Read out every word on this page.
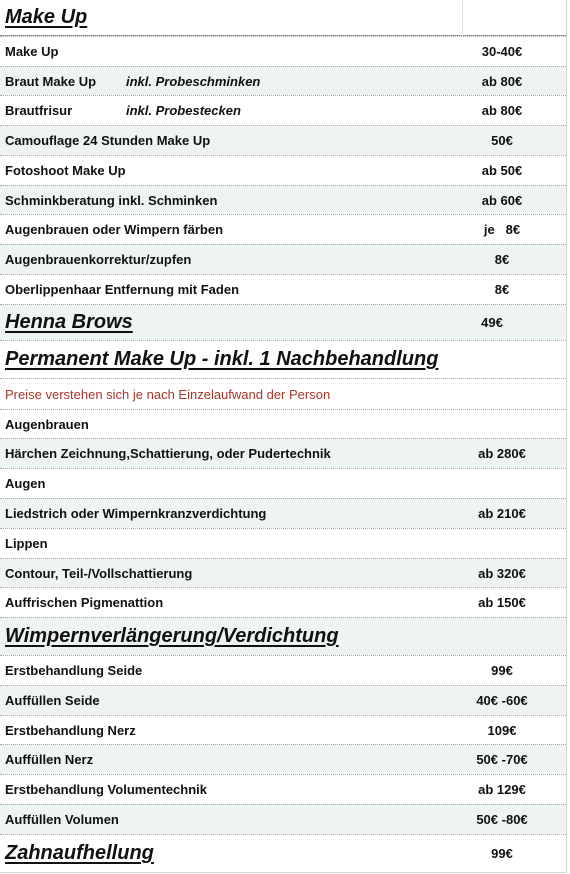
Make Up
Make Up	30-40€
Braut Make Up inkl. Probeschminken	ab 80€
Brautfrisur	inkl. Probestecken	ab 80€
Camouflage 24 Stunden Make Up	50€
Fotoshoot Make Up	ab 50€
Schminkberatung inkl. Schminken	ab 60€
Augenbrauen oder Wimpern färben	je   8€
Augenbrauenkorrektur/zupfen	8€
Oberlippenhaar Entfernung mit Faden	8€
Henna Brows	49€
Permanent Make Up - inkl. 1 Nachbehandlung
Preise verstehen sich je nach Einzelaufwand der Person
Augenbrauen
Härchen Zeichnung,Schattierung, oder Pudertechnik	ab 280€
Augen
Liedstrich oder Wimpernkranzverdichtung	ab 210€
Lippen
Contour, Teil-/Vollschattierung	ab 320€
Auffrischen Pigmenattion	ab 150€
Wimpernverlängerung/Verdichtung
Erstbehandlung Seide	99€
Auffüllen Seide	40€ -60€
Erstbehandlung Nerz	109€
Auffüllen Nerz	50€ -70€
Erstbehandlung Volumentechnik	ab 129€
Auffüllen Volumen	50€ -80€
Zahnaufhellung	99€
